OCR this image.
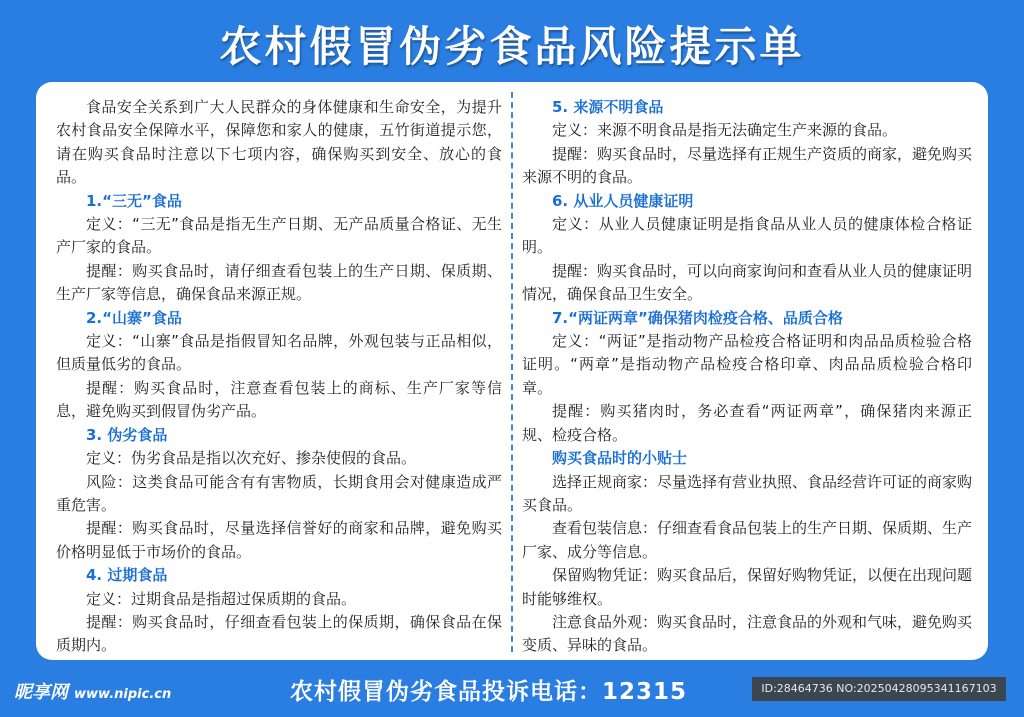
农村假冒伪劣食品风险提示单

食品安全关系到广大人民群众的身体健康和生命安全，为提升农村食品安全保障水平，保障您和家人的健康，五竹街道提示您，请在购买食品时注意以下七项内容，确保购买到安全、放心的食品。

1.“三无”食品

定义：“三无”食品是指无生产日期、无产品质量合格证、无生产厂家的食品。

提醒：购买食品时，请仔细查看包装上的生产日期、保质期、生产厂家等信息，确保食品来源正规。

2.“山寨”食品

定义：“山寨”食品是指假冒知名品牌，外观包装与正品相似，但质量低劣的食品。

提醒：购买食品时，注意查看包装上的商标、生产厂家等信息，避免购买到假冒伪劣产品。

3. 伪劣食品

定义：伪劣食品是指以次充好、掺杂使假的食品。

风险：这类食品可能含有有害物质，长期食用会对健康造成严重危害。

提醒：购买食品时，尽量选择信誉好的商家和品牌，避免购买价格明显低于市场价的食品。

4. 过期食品

定义：过期食品是指超过保质期的食品。

提醒：购买食品时，仔细查看包装上的保质期，确保食品在保质期内。

5. 来源不明食品

定义：来源不明食品是指无法确定生产来源的食品。

提醒：购买食品时，尽量选择有正规生产资质的商家，避免购买来源不明的食品。

6. 从业人员健康证明

定义：从业人员健康证明是指食品从业人员的健康体检合格证明。

提醒：购买食品时，可以向商家询问和查看从业人员的健康证明情况，确保食品卫生安全。

7.“两证两章”确保猪肉检疫合格、品质合格

定义：“两证”是指动物产品检疫合格证明和肉品品质检验合格证明。“两章”是指动物产品检疫合格印章、肉品品质检验合格印章。

提醒：购买猪肉时，务必查看“两证两章”，确保猪肉来源正规、检疫合格。

购买食品时的小贴士

选择正规商家：尽量选择有营业执照、食品经营许可证的商家购买食品。

查看包装信息：仔细查看食品包装上的生产日期、保质期、生产厂家、成分等信息。

保留购物凭证：购买食品后，保留好购物凭证，以便在出现问题时能够维权。

注意食品外观：购买食品时，注意食品的外观和气味，避免购买变质、异味的食品。

昵享网 www.nipic.cn	农村假冒伪劣食品投诉电话：12315	ID:28464736 NO:20250428095341167103
